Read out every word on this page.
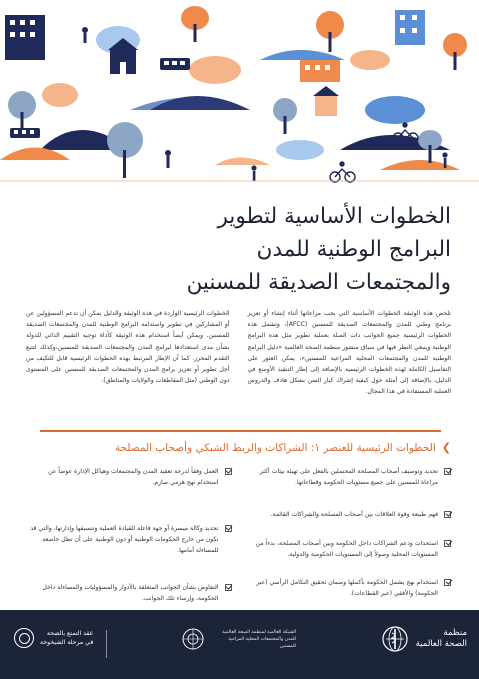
الخطوات الأساسية لتطوير
البرامج الوطنية للمدن
والمجتمعات الصديقة للمسنين

تلخص هذه الوثيقة الخطوات الأساسية التي يجب مراعاتها أثناء إنشاء أو تعزيز برنامج وطني للمدن والمجتمعات الصديقة للمسنين (AFCC)، وتشمل هذه الخطوات الرئيسية جميع الجوانب ذات الصلة بعملية تطوير مثل هذه البرامج الوطنية وينبغي النظر فيها في سياق منشور منظمة الصحة العالمية «دليل البرامج الوطنية للمدن والمجتمعات المحلية المراعية للمسنين»، يمكن العثور على التفاصيل الكاملة لهذه الخطوات الرئيسية بالإضافة إلى إطار التنفيذ الأوسع في الدليل، بالإضافة إلى أمثلة حول كيفية إشراك كبار السن بشكل هادف والدروس العملية المستفادة في هذا المجال.

الخطوات الرئيسية الواردة في هذه الوثيقة والدليل يمكن أن تدعم المسؤولين عن أو المشاركين في تطوير واستدامة البرامج الوطنية للمدن والمجتمعات الصديقة للمسنين. ويمكن أيضاً استخدام هذه الوثيقة كأداة توجيه التقييم الذاتي للدولة بشأن مدى استعدادها لبرامج المدن والمجتمعات الصديقة للمسنين،وكذلك لتتبع التقدم المحرز. كما أن الإطار المرتبط بهذه الخطوات الرئيسية قابل للتكيف من أجل تطوير أو تعزيز برامج المدن والمجتمعات الصديقة للمسنين على المستوى دون الوطني (مثل المقاطعات والولايات والمناطق).

❯
الخطوات الرئيسية للعنصر ١: الشراكات والربط الشبكي وأصحاب المصلحة
تحديد وتوصيف أصحاب المصلحة المحتملين بالفعل على تهيئة بيئات أكثر مراعاة للمسنين على جميع مستويات الحكومة وقطاعاتها.
فهم طبيعة وقوة العلاقات بين أصحاب المصلحة والشراكات القائمة.
استحداث ودعم الشراكات داخل الحكومة وبين أصحاب المصلحة، بدءاً من المستويات المحلية وصولاً إلى المستويات الحكومية والدولية.
استخدام نهج يشمل الحكومة بأكملها وضمان تحقيق التكامل الرأسي (عبر الحكومة) والأفقي (عبر القطاعات).
العمل وفقاً لدرجة تعقيد المدن والمجتمعات وهياكل الإدارة عوضاً عن استخدام نهج هرمي صارم.
تحديد وكالة ميسرة أو جهة فاعلة للقيادة العملية وتنسيقها وإدارتها، والتي قد تكون من خارج الحكومات الوطنية أو دون الوطنية على أن تظل خاضعة للمساءلة أمامها.
التفاوض بشأن الجوانب المتعلقة بالأدوار والمسؤوليات والمساءلة داخل الحكومة، وإرساء تلك الجوانب.
منظمة
الصحة العالمية
الشبكة العالمية لمنظمة الصحة العالمية للمدن والمجتمعات المحلية المراعية للمسنين
عقد التمتع بالصحة
في مرحلة الشيخوخة
